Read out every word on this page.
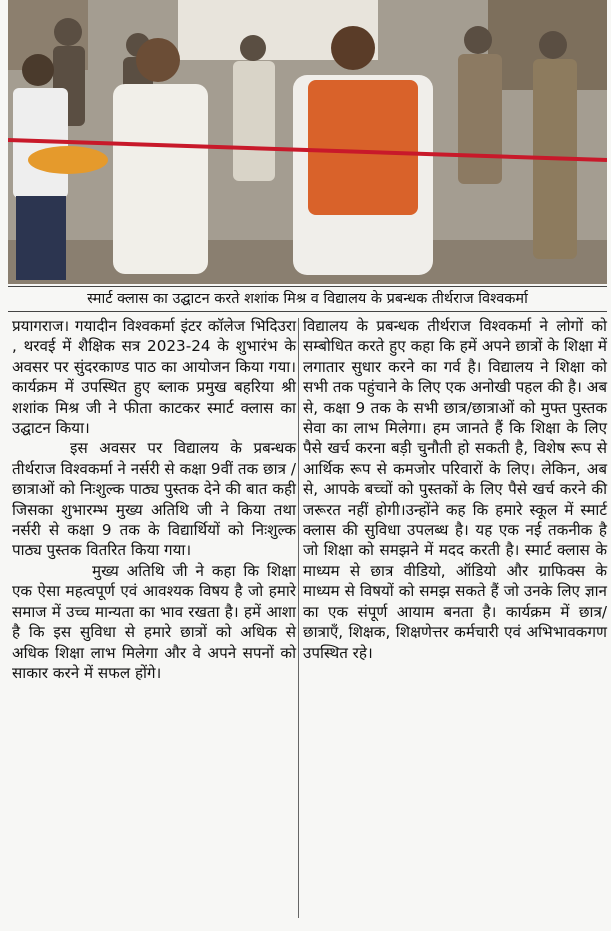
स्मार्ट क्लास का उद्घाटन करते शशांक मिश्र व विद्यालय के प्रबन्धक तीर्थराज विश्वकर्मा

प्रयागराज। गयादीन विश्वकर्मा इंटर कॉलेज भिदिउरा , थरवई में शैक्षिक सत्र 2023-24 के शुभारंभ के अवसर पर सुंदरकाण्ड पाठ का आयोजन किया गया। कार्यक्रम में उपस्थित हुए ब्लाक प्रमुख बहरिया श्री शशांक मिश्र जी ने फीता काटकर स्मार्ट क्लास का उद्घाटन किया।

इस अवसर पर विद्यालय के प्रबन्धक तीर्थराज विश्वकर्मा ने नर्सरी से कक्षा 9वीं तक छात्र / छात्राओं को निःशुल्क पाठ्य पुस्तक देने की बात कही जिसका शुभारम्भ मुख्य अतिथि जी ने किया तथा नर्सरी से कक्षा 9 तक के विद्यार्थियों को निःशुल्क पाठ्य पुस्तक वितरित किया गया।

मुख्य अतिथि जी ने कहा कि शिक्षा एक ऐसा महत्वपूर्ण एवं आवश्यक विषय है जो हमारे समाज में उच्च मान्यता का भाव रखता है। हमें आशा है कि इस सुविधा से हमारे छात्रों को अधिक से अधिक शिक्षा लाभ मिलेगा और वे अपने सपनों को साकार करने में सफल होंगे।

विद्यालय के प्रबन्धक तीर्थराज विश्वकर्मा ने लोगों को सम्बोधित करते हुए कहा कि हमें अपने छात्रों के शिक्षा में लगातार सुधार करने का गर्व है। विद्यालय ने शिक्षा को सभी तक पहुंचाने के लिए एक अनोखी पहल की है। अब से, कक्षा 9 तक के सभी छात्र/छात्राओं को मुफ्त पुस्तक सेवा का लाभ मिलेगा। हम जानते हैं कि शिक्षा के लिए पैसे खर्च करना बड़ी चुनौती हो सकती है, विशेष रूप से आर्थिक रूप से कमजोर परिवारों के लिए। लेकिन, अब से, आपके बच्चों को पुस्तकों के लिए पैसे खर्च करने की जरूरत नहीं होगी।उन्होंने कह कि हमारे स्कूल में स्मार्ट क्लास की सुविधा उपलब्ध है। यह एक नई तकनीक है जो शिक्षा को समझने में मदद करती है। स्मार्ट क्लास के माध्यम से छात्र वीडियो, ऑडियो और ग्राफिक्स के माध्यम से विषयों को समझ सकते हैं जो उनके लिए ज्ञान का एक संपूर्ण आयाम बनता है। कार्यक्रम में छात्र/छात्राएँ, शिक्षक, शिक्षणेत्तर कर्मचारी एवं अभिभावकगण उपस्थित रहे।
